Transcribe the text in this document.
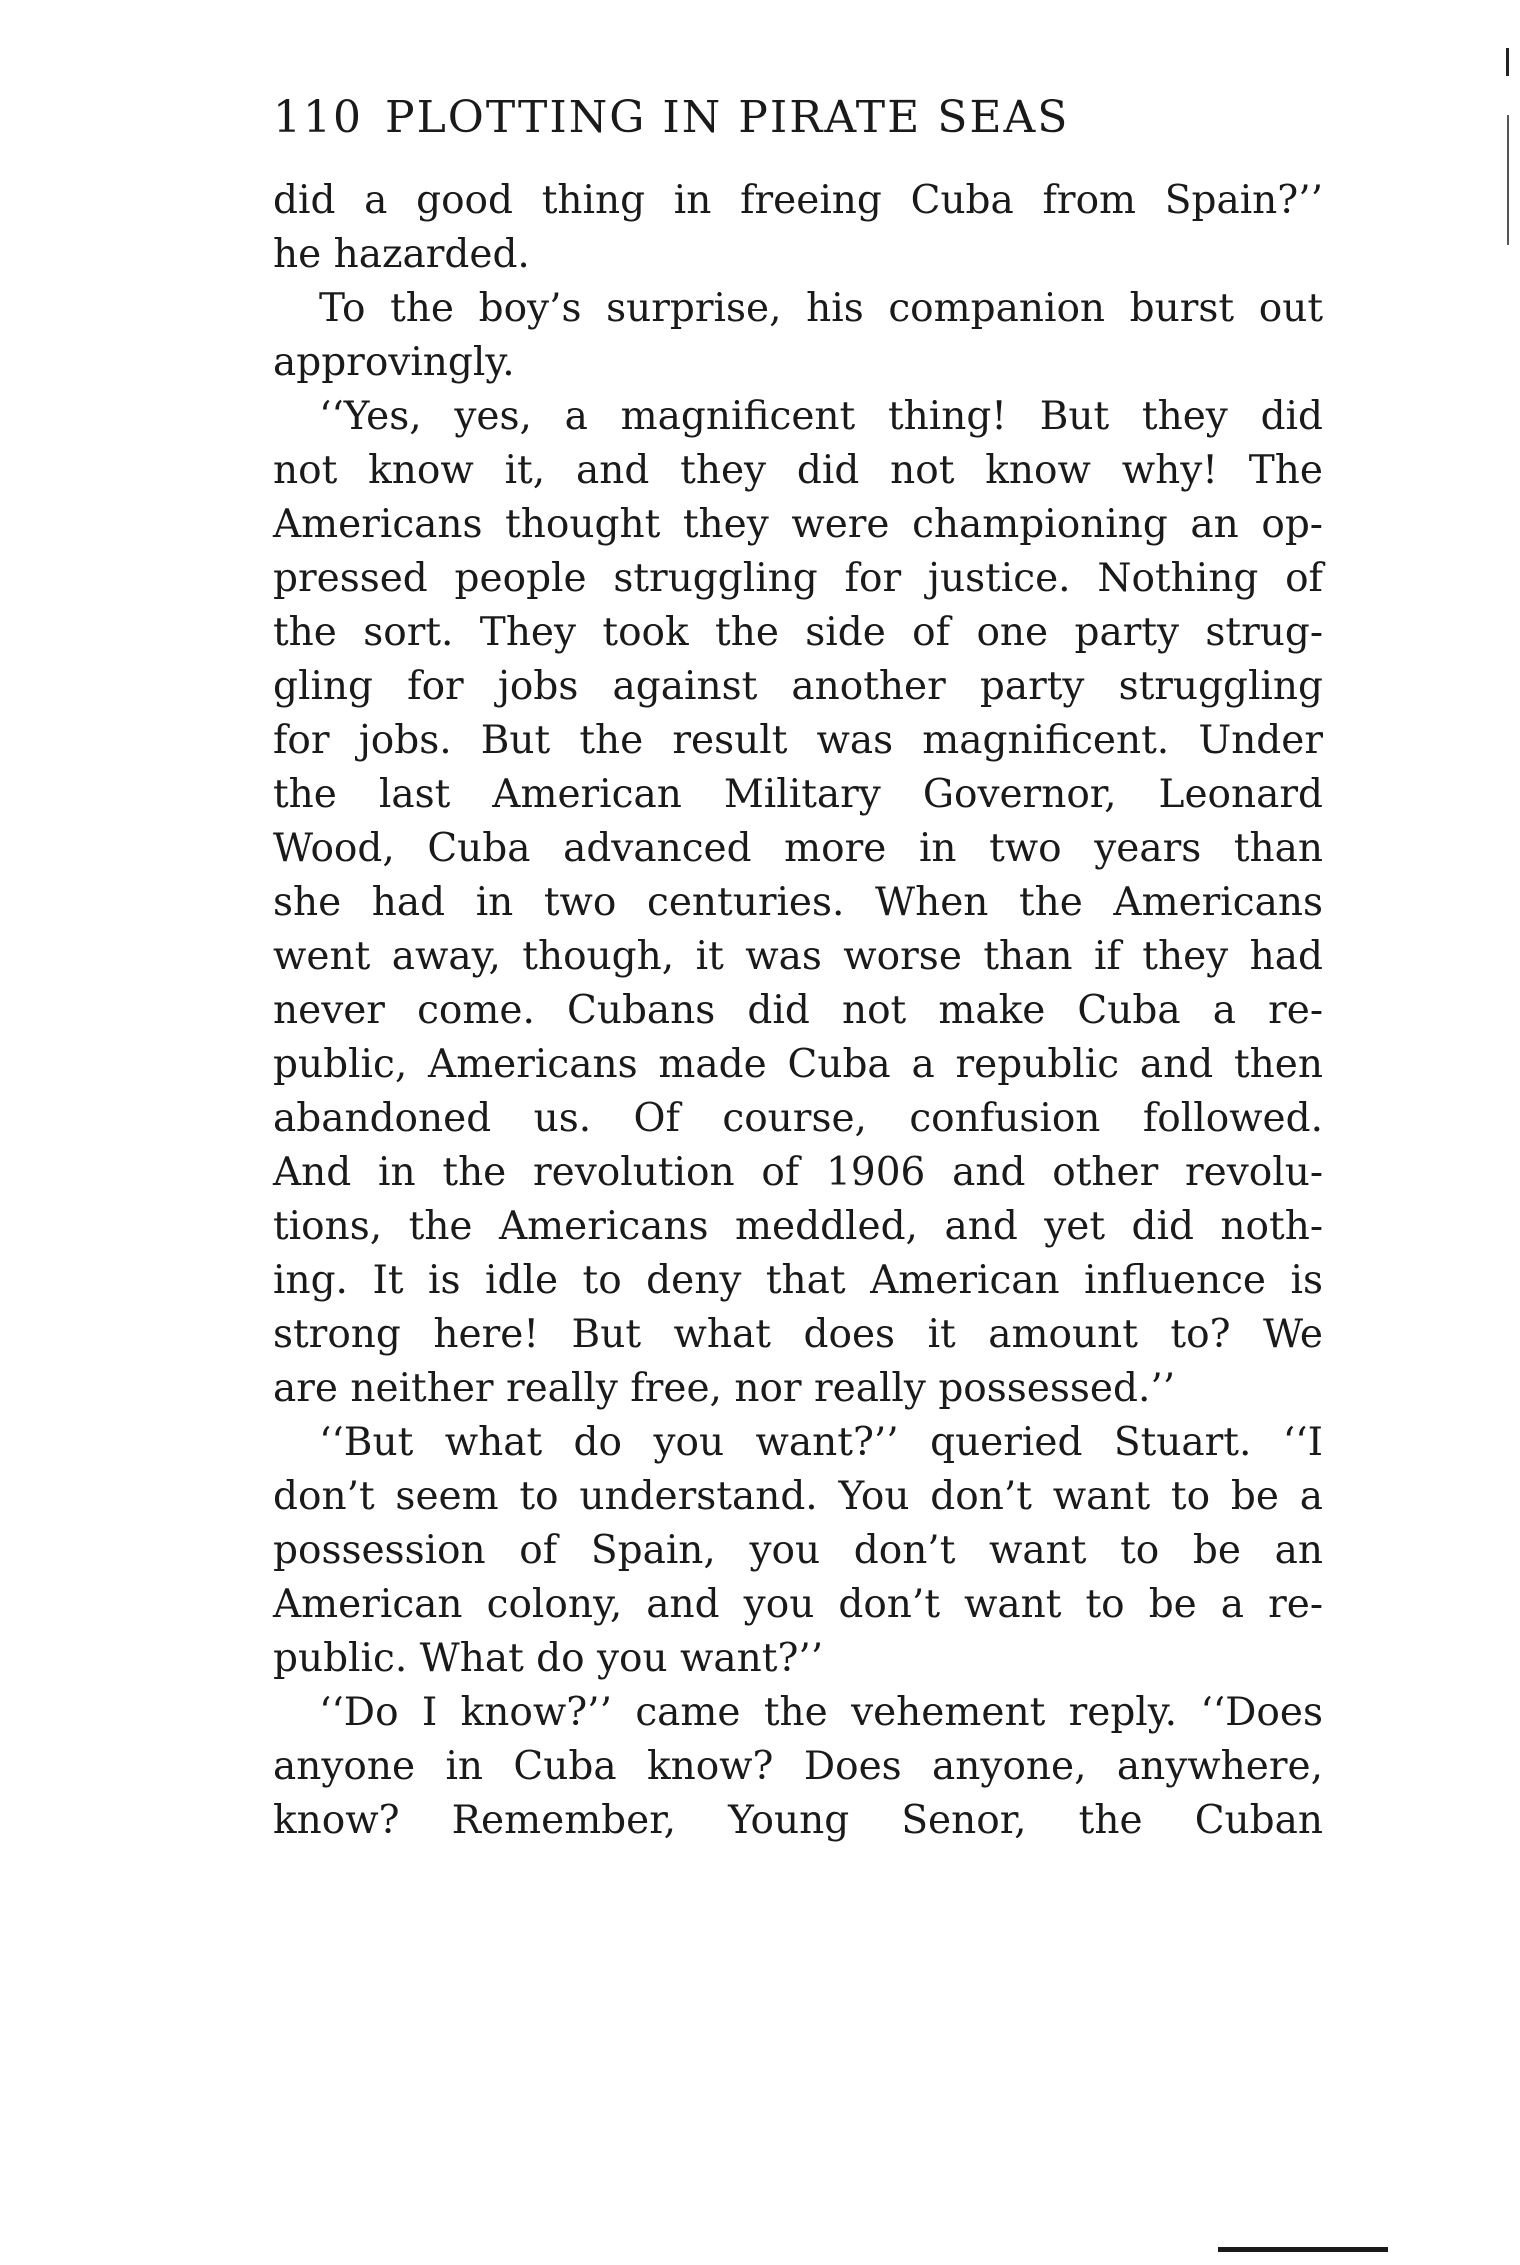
110 PLOTTING IN PIRATE SEAS
did a good thing in freeing Cuba from Spain?’’
he hazarded.
To the boy’s surprise, his companion burst out
approvingly.
‘‘Yes, yes, a magnificent thing! But they did
not know it, and they did not know why! The
Americans thought they were championing an op-
pressed people struggling for justice. Nothing of
the sort. They took the side of one party strug-
gling for jobs against another party struggling
for jobs. But the result was magnificent. Under
the last American Military Governor, Leonard
Wood, Cuba advanced more in two years than
she had in two centuries. When the Americans
went away, though, it was worse than if they had
never come. Cubans did not make Cuba a re-
public, Americans made Cuba a republic and then
abandoned us. Of course, confusion followed.
And in the revolution of 1906 and other revolu-
tions, the Americans meddled, and yet did noth-
ing. It is idle to deny that American influence is
strong here! But what does it amount to? We
are neither really free, nor really possessed.’’
‘‘But what do you want?’’ queried Stuart. ‘‘I
don’t seem to understand. You don’t want to be a
possession of Spain, you don’t want to be an
American colony, and you don’t want to be a re-
public. What do you want?’’
‘‘Do I know?’’ came the vehement reply. ‘‘Does
anyone in Cuba know? Does anyone, anywhere,
know? Remember, Young Senor, the Cuban
